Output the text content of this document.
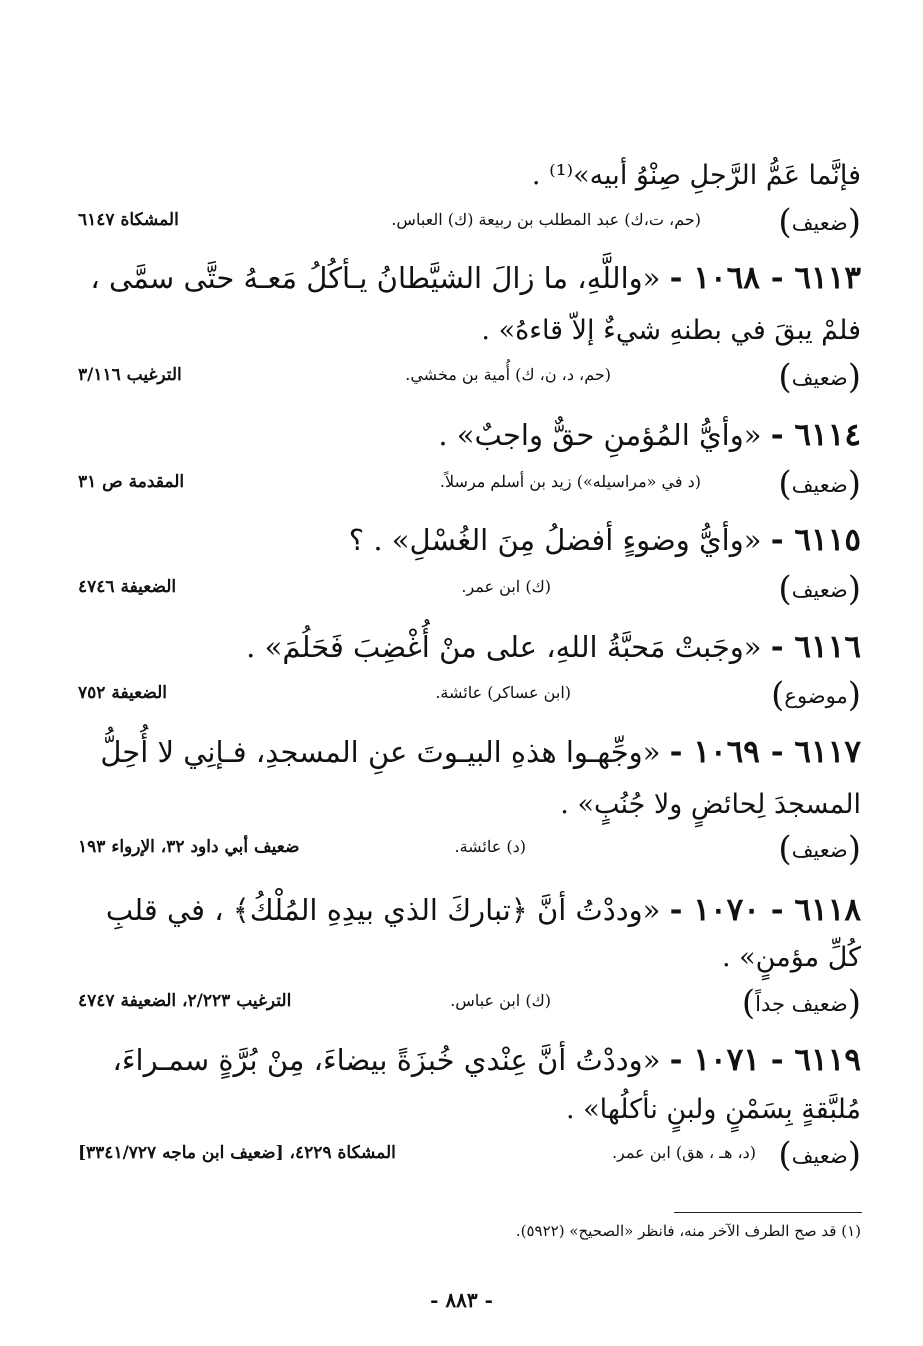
فإنَّما عَمُّ الرَّجلِ صِنْوُ أبيه»⁽¹⁾ .
(ضعيف)
(حم، ت،ك) عبد المطلب بن ربيعة (ك) العباس.
المشكاة ٦١٤٧
٦١١٣ - ١٠٦٨ - «واللَّهِ، ما زالَ الشيَّطانُ يـأكُلُ مَعـهُ حتَّى سمَّى ،
فلمْ يبقَ في بطنهِ شيءٌ إلاّ قاءهُ» .
(ضعيف)
(حم، د، ن، ك) أُمية بن مخشي.
الترغيب ٣/١١٦
٦١١٤ - «وأيُّ المُؤمنِ حقٌّ واجبٌ» .
(ضعيف)
(د في «مراسيله») زيد بن أسلم مرسلاً.
المقدمة ص ٣١
٦١١٥ - «وأيُّ وضوءٍ أفضلُ مِنَ الغُسْلِ» . ؟
(ضعيف)
(ك) ابن عمر.
الضعيفة ٤٧٤٦
٦١١٦ - «وجَبتْ مَحبَّةُ اللهِ، على منْ أُغْضِبَ فَحَلُمَ» .
(موضوع)
(ابن عساكر) عائشة.
الضعيفة ٧٥٢
٦١١٧ - ١٠٦٩ - «وجِّهـوا هذهِ البيـوتَ عنِ المسجدِ، فـإنِي لا أُحِلُّ
المسجدَ لِحائضٍ ولا جُنُبٍ» .
(ضعيف)
(د) عائشة.
ضعيف أبي داود ٣٢، الإرواء ١٩٣
٦١١٨ - ١٠٧٠ - «وددْتُ أنَّ ﴿تباركَ الذي بيدِهِ المُلْكُ﴾ ، في قلبِ
كُلِّ مؤمنٍ» .
(ضعيف جداً)
(ك) ابن عباس.
الترغيب ٢/٢٢٣، الضعيفة ٤٧٤٧
٦١١٩ - ١٠٧١ - «وددْتُ أنَّ عِنْدي خُبزَةً بيضاءَ، مِنْ بُرَّةٍ سمـراءَ،
مُلبَّقةٍ بِسَمْنٍ ولبنٍ نأكلُها» .
(ضعيف)
(د، هـ ، هق) ابن عمر.
المشكاة ٤٢٢٩، [ضعيف ابن ماجه ٣٣٤١/٧٢٧]
(١) قد صح الطرف الآخر منه، فانظر «الصحيح» (٥٩٢٢).
- ٨٨٣ -
